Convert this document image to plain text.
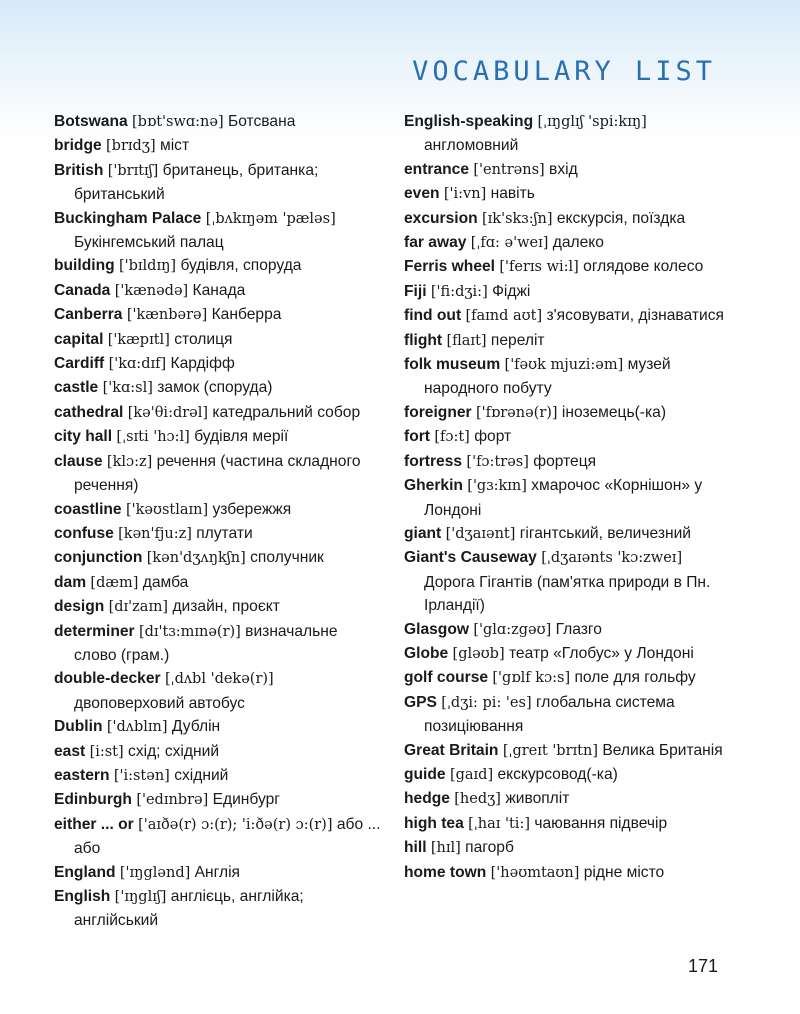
VOCABULARY LIST
Botswana [bɒt'swɑ:nə] Ботсвана
bridge [brɪdʒ] міст
British ['brɪtɪʃ] британець, британка; британський
Buckingham Palace [ˌbʌkɪŋəm 'pæləs] Букінгемський палац
building ['bɪldɪŋ] будівля, споруда
Canada ['kænədə] Канада
Canberra ['kænbərə] Канберра
capital ['kæpɪtl] столиця
Cardiff ['kɑ:dɪf] Кардіфф
castle ['kɑ:sl] замок (споруда)
cathedral [kə'θi:drəl] катедральний собор
city hall [ˌsɪti 'hɔ:l] будівля мерії
clause [klɔ:z] речення (частина складного речення)
coastline ['kəʊstlaɪn] узбережжя
confuse [kən'fju:z] плутати
conjunction [kən'dʒʌŋkʃn] сполучник
dam [dæm] дамба
design [dɪ'zaɪn] дизайн, проєкт
determiner [dɪ'tɜ:mɪnə(r)] визначальне слово (грам.)
double-decker [ˌdʌbl 'dekə(r)] двоповерховий автобус
Dublin ['dʌblɪn] Дублін
east [i:st] схід; східний
eastern ['i:stən] східний
Edinburgh ['edɪnbrə] Единбург
either ... or ['aɪðə(r) ɔ:(r); 'i:ðə(r) ɔ:(r)] або ... або
England ['ɪŋglənd] Англія
English ['ɪŋglɪʃ] англієць, англійка; англійський
English-speaking [ˌɪŋglɪʃ 'spi:kɪŋ] англомовний
entrance ['entrəns] вхід
even ['i:vn] навіть
excursion [ɪk'skɜ:ʃn] екскурсія, поїздка
far away [ˌfɑ: ə'weɪ] далеко
Ferris wheel ['ferɪs wi:l] оглядове колесо
Fiji ['fi:dʒi:] Фіджі
find out [faɪnd aʊt] з'ясовувати, дізнаватися
flight [flaɪt] переліт
folk museum ['fəʊk mjuzi:əm] музей народного побуту
foreigner ['fɒrənə(r)] іноземець(-ка)
fort [fɔ:t] форт
fortress ['fɔ:trəs] фортеця
Gherkin ['gɜ:kɪn] хмарочос «Корнішон» у Лондоні
giant ['dʒaɪənt] гігантський, величезний
Giant's Causeway [ˌdʒaɪənts 'kɔ:zweɪ] Дорога Гігантів (пам'ятка природи в Пн. Ірландії)
Glasgow ['glɑ:zgəʊ] Глазго
Globe [gləʊb] театр «Глобус» у Лондоні
golf course ['gɒlf kɔ:s] поле для гольфу
GPS [ˌdʒi: pi: 'es] глобальна система позиціювання
Great Britain [ˌgreɪt 'brɪtn] Велика Британія
guide [gaɪd] екскурсовод(-ка)
hedge [hedʒ] живопліт
high tea [ˌhaɪ 'ti:] чаювання підвечір
hill [hɪl] пагорб
home town ['həʊmtaʊn] рідне місто
171
